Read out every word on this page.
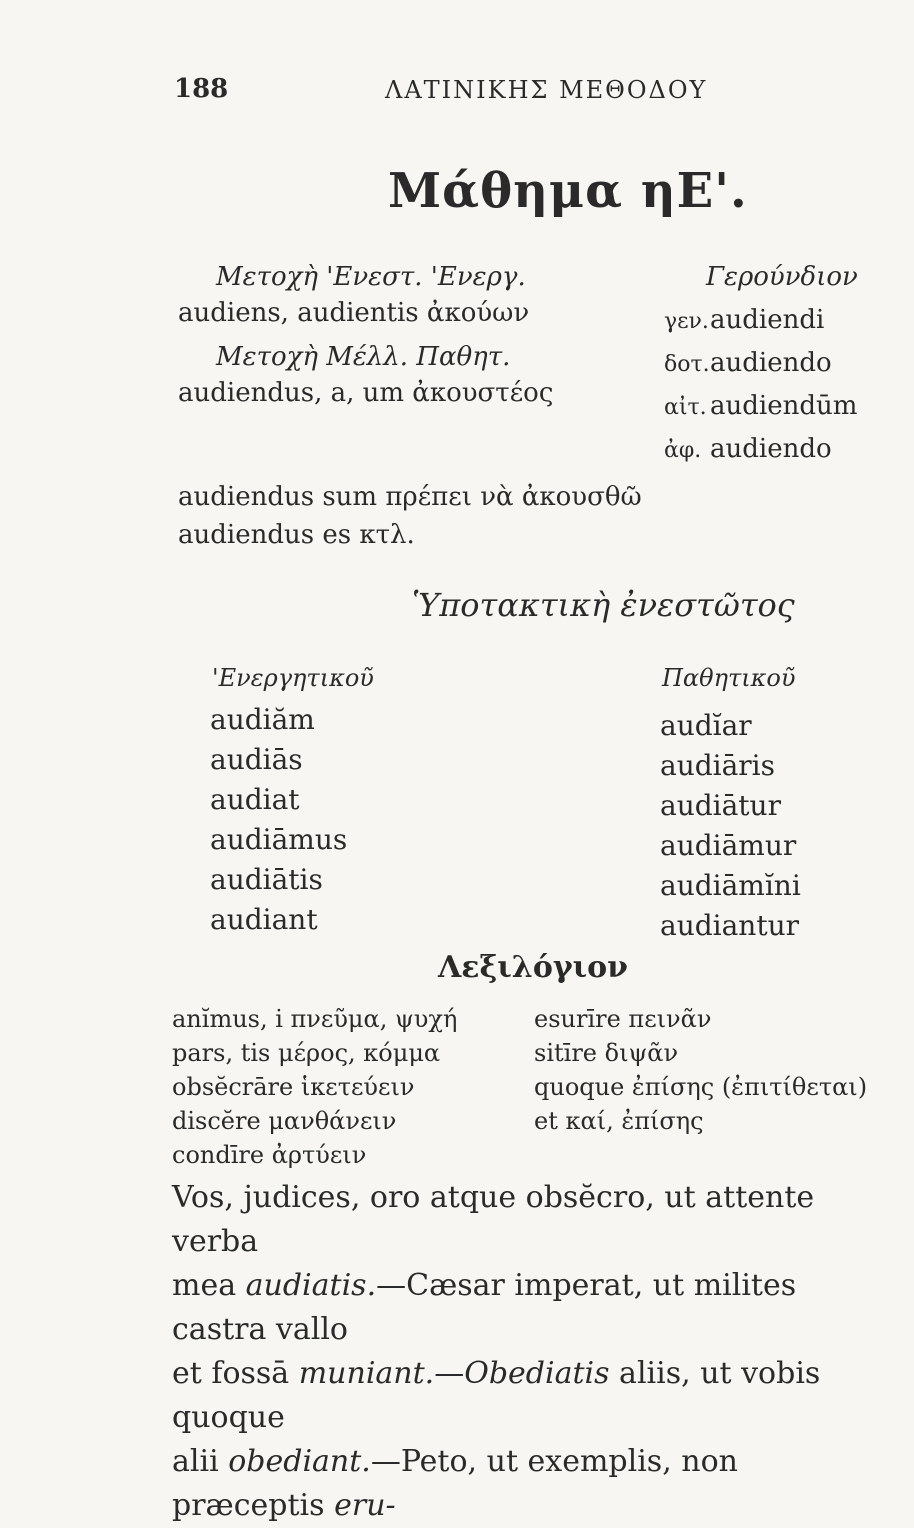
188	ΛΑΤΙΝΙΚΗΣ ΜΕΘΟΔΟΥ
Μάθημα ηΕ'.
Μετοχὴ 'Ενεστ. 'Ενεργ.
audiens, audientis ἀκούων
Μετοχὴ Μέλλ. Παθητ.
audiendus, a, um ἀκουστέος
Γερούνδιον
γεν.audiendi
δοτ.audiendo
αἰτ. audiendūm
ἀφ. audiendo
audiendus sum πρέπει νὰ ἀκουσθῶ
audiendus es κτλ.
Ὑποτακτικὴ ἐνεστῶτος
'Ενεργητικοῦ
audiăm
audiās
audiat
audiāmus
audiātis
audiant
Παθητικοῦ
audĭar
audiāris
audiātur
audiāmur
audiāmĭni
audiantur
Λεξιλόγιον
anĭmus, i πνεῦμα, ψυχή
pars, tis μέρος, κόμμα
obsĕcrāre ἱκετεύειν
discĕre μανθάνειν
condīre ἀρτύειν
esurīre πεινᾶν
sitīre διψᾶν
quoque ἐπίσης (ἐπιτίθεται)
et καί, ἐπίσης
Vos, judices, oro atque obsĕcro, ut attente verba
mea audiatis.—Cæsar imperat, ut milites castra vallo
et fossā muniant.—Obediatis aliis, ut vobis quoque
alii obediant.—Peto, ut exemplis, non præceptis eru-
